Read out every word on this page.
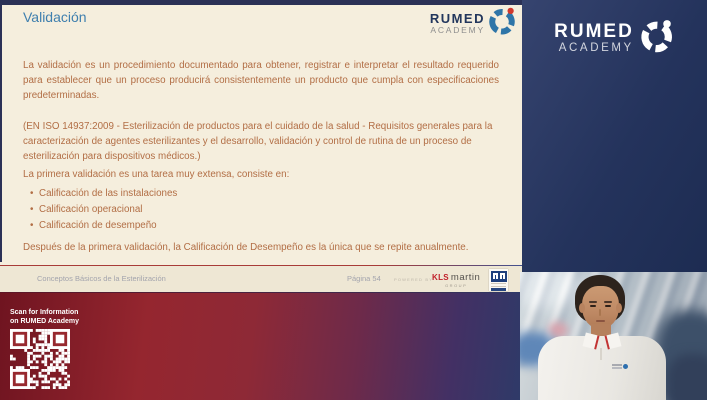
Validación	RUMED
ACADEMY

La validación es un procedimiento documentado para obtener, registrar e interpretar el resultado requerido para establecer que un proceso producirá consistentemente un producto que cumpla con especificaciones predeterminadas.

(EN ISO 14937:2009 - Esterilización de productos para el cuidado de la salud - Requisitos generales para la caracterización de agentes esterilizantes y el desarrollo, validación y control de rutina de un proceso de esterilización para dispositivos médicos.)

La primera validación es una tarea muy extensa, consiste en:

• Calificación de las instalaciones
• Calificación operacional
• Calificación de desempeño

Después de la primera validación, la Calificación de Desempeño es la única que se repite anualmente.

Conceptos Básicos de la Esterilización	Página 54	POWERED BY
KLS martin
GROUP
RUMED
ACADEMY
Scan for Information
on RUMED Academy
